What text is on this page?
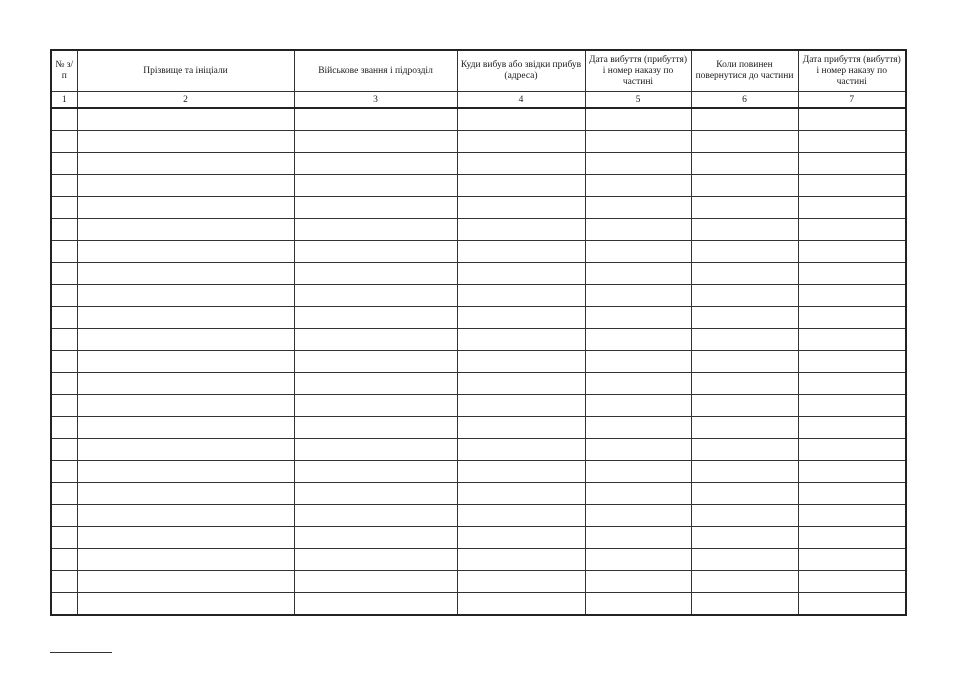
№ з/п	Прізвище та ініціали	Військове звання і підрозділ	Куди вибув або звідки прибув (адреса)	Дата вибуття (прибуття) і номер наказу по частині	Коли повинен повернутися до частини	Дата прибуття (вибуття) і номер наказу по частині
1	2	3	4	5	6	7
